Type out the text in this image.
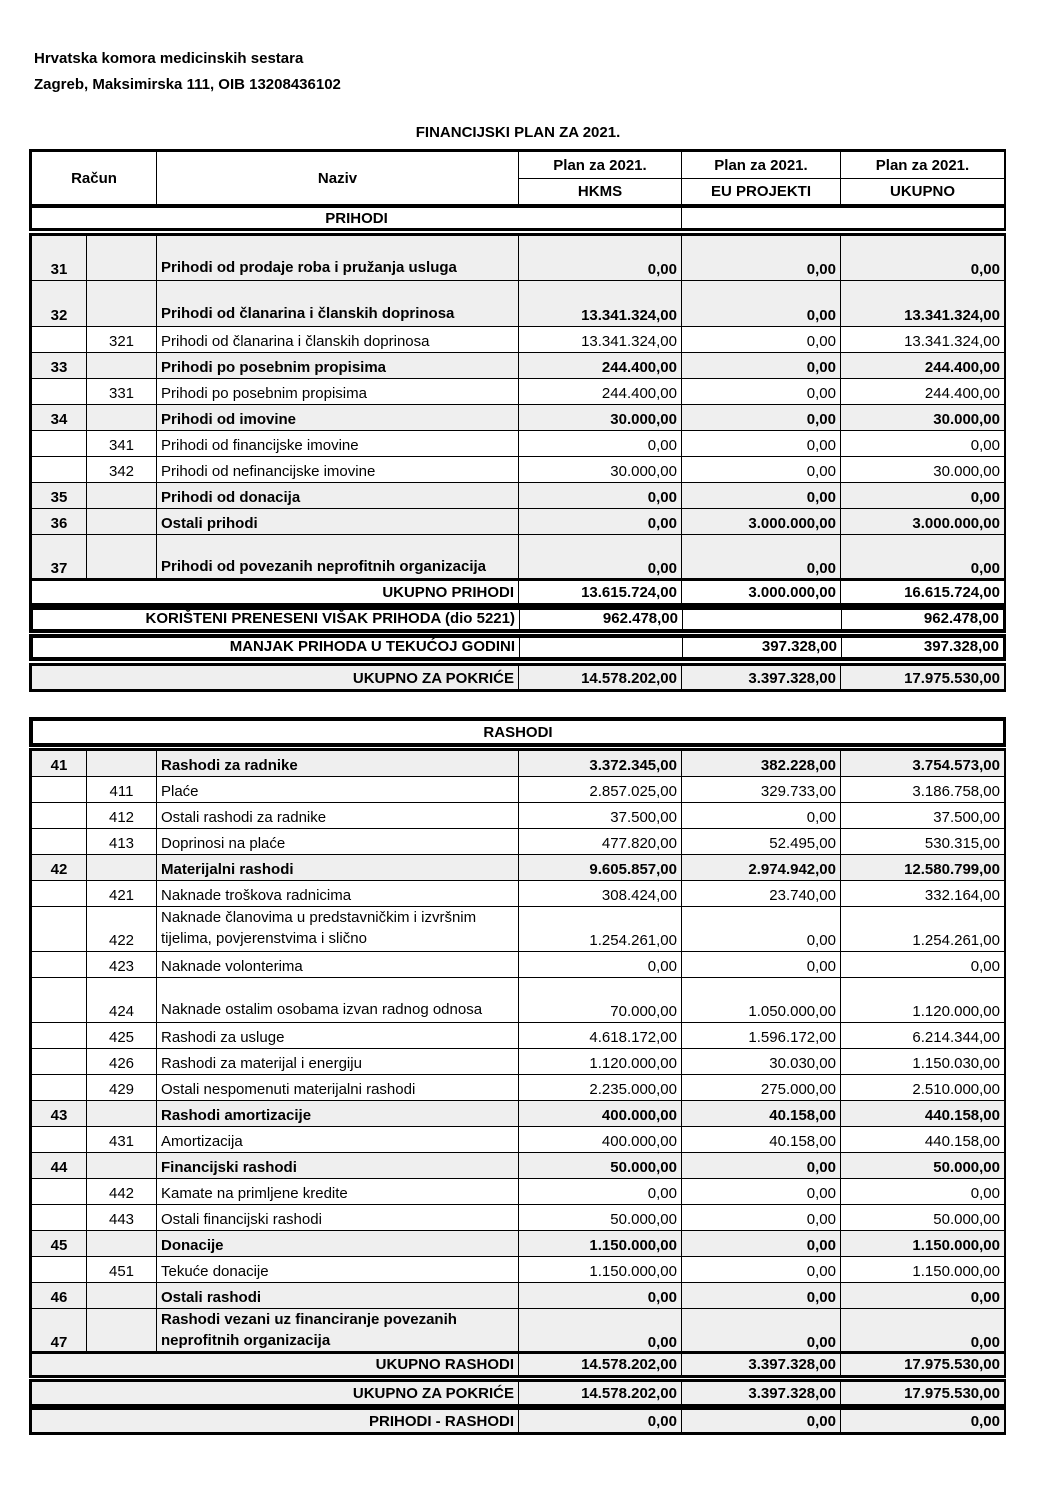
Hrvatska komora medicinskih sestara
Zagreb, Maksimirska 111, OIB 13208436102
FINANCIJSKI PLAN ZA 2021.
Račun	Naziv	Plan za 2021.	Plan za 2021.	Plan za 2021.
		HKMS	EU PROJEKTI	UKUPNO
PRIHODI	
31		Prihodi od prodaje roba i pružanja usluga	0,00	0,00	0,00
32		Prihodi od članarina i članskih doprinosa	13.341.324,00	0,00	13.341.324,00
	321	Prihodi od članarina i članskih doprinosa	13.341.324,00	0,00	13.341.324,00
33		Prihodi po posebnim propisima	244.400,00	0,00	244.400,00
	331	Prihodi po posebnim propisima	244.400,00	0,00	244.400,00
34		Prihodi od imovine	30.000,00	0,00	30.000,00
	341	Prihodi od financijske imovine	0,00	0,00	0,00
	342	Prihodi od nefinancijske imovine	30.000,00	0,00	30.000,00
35		Prihodi od donacija	0,00	0,00	0,00
36		Ostali prihodi	0,00	3.000.000,00	3.000.000,00
37		Prihodi od povezanih neprofitnih organizacija	0,00	0,00	0,00
UKUPNO PRIHODI	13.615.724,00	3.000.000,00	16.615.724,00
KORIŠTENI PRENESENI VIŠAK PRIHODA (dio 5221)	962.478,00		962.478,00
MANJAK PRIHODA U TEKUĆOJ GODINI		397.328,00	397.328,00
UKUPNO ZA POKRIĆE	14.578.202,00	3.397.328,00	17.975.530,00
RASHODI
41		Rashodi za radnike	3.372.345,00	382.228,00	3.754.573,00
	411	Plaće	2.857.025,00	329.733,00	3.186.758,00
	412	Ostali rashodi za radnike	37.500,00	0,00	37.500,00
	413	Doprinosi na plaće	477.820,00	52.495,00	530.315,00
42		Materijalni rashodi	9.605.857,00	2.974.942,00	12.580.799,00
	421	Naknade troškova radnicima	308.424,00	23.740,00	332.164,00
	422	Naknade članovima u predstavničkim i izvršnim tijelima, povjerenstvima i slično	1.254.261,00	0,00	1.254.261,00
	423	Naknade volonterima	0,00	0,00	0,00
	424	Naknade ostalim osobama izvan radnog odnosa	70.000,00	1.050.000,00	1.120.000,00
	425	Rashodi za usluge	4.618.172,00	1.596.172,00	6.214.344,00
	426	Rashodi za materijal i energiju	1.120.000,00	30.030,00	1.150.030,00
	429	Ostali nespomenuti materijalni rashodi	2.235.000,00	275.000,00	2.510.000,00
43		Rashodi amortizacije	400.000,00	40.158,00	440.158,00
	431	Amortizacija	400.000,00	40.158,00	440.158,00
44		Financijski rashodi	50.000,00	0,00	50.000,00
	442	Kamate na primljene kredite	0,00	0,00	0,00
	443	Ostali financijski rashodi	50.000,00	0,00	50.000,00
45		Donacije	1.150.000,00	0,00	1.150.000,00
	451	Tekuće donacije	1.150.000,00	0,00	1.150.000,00
46		Ostali rashodi	0,00	0,00	0,00
47		Rashodi vezani uz financiranje povezanih neprofitnih organizacija	0,00	0,00	0,00
UKUPNO RASHODI	14.578.202,00	3.397.328,00	17.975.530,00
UKUPNO ZA POKRIĆE	14.578.202,00	3.397.328,00	17.975.530,00
PRIHODI - RASHODI	0,00	0,00	0,00
